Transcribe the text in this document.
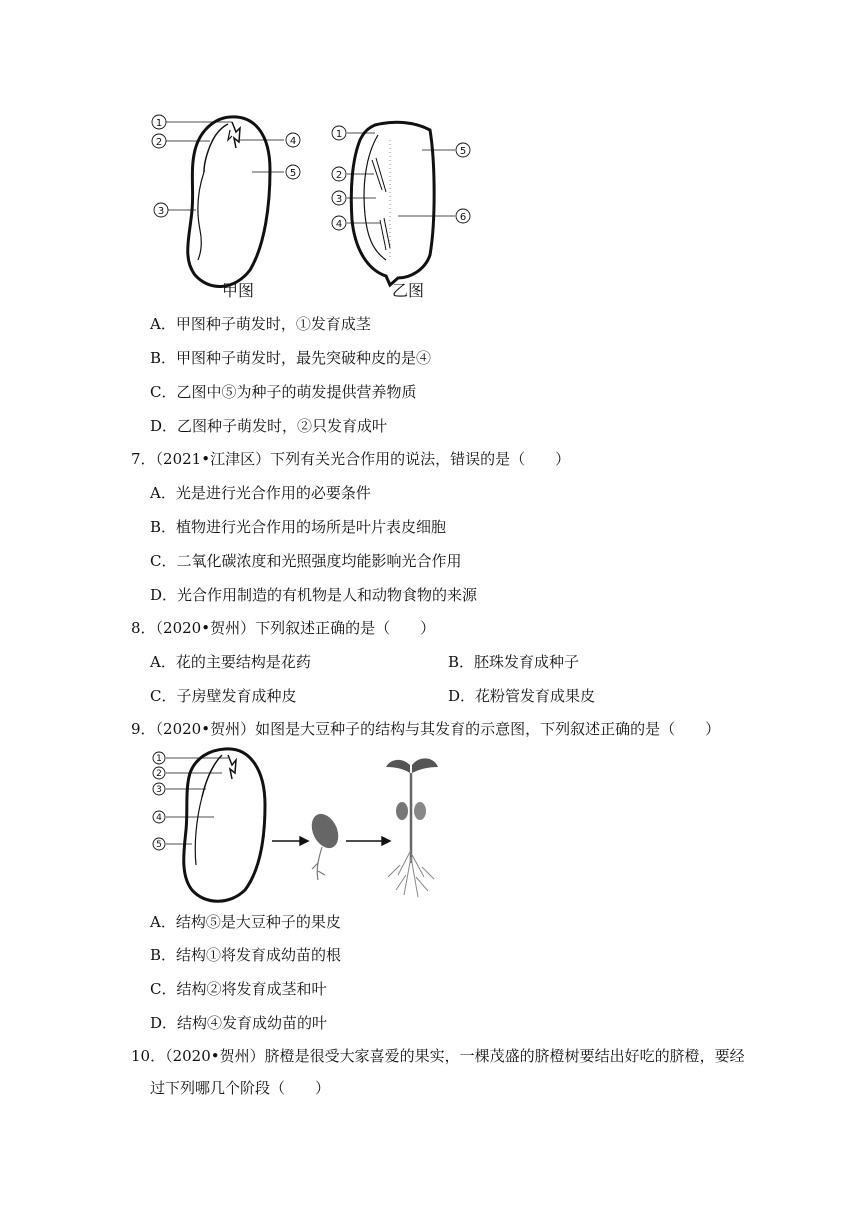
1
2	4
5
3
1
5
2
3
6
4
甲图	乙图
A．甲图种子萌发时，①发育成茎
B．甲图种子萌发时，最先突破种皮的是④
C．乙图中⑤为种子的萌发提供营养物质
D．乙图种子萌发时，②只发育成叶
7．（2021•江津区）下列有关光合作用的说法，错误的是（　　）
A．光是进行光合作用的必要条件
B．植物进行光合作用的场所是叶片表皮细胞
C．二氧化碳浓度和光照强度均能影响光合作用
D．光合作用制造的有机物是人和动物食物的来源
8．（2020•贺州）下列叙述正确的是（　　）
A．花的主要结构是花药	B．胚珠发育成种子
C．子房壁发育成种皮	D．花粉管发育成果皮
9．（2020•贺州）如图是大豆种子的结构与其发育的示意图，下列叙述正确的是（　　）
1
2
3
4
5
A．结构⑤是大豆种子的果皮
B．结构①将发育成幼苗的根
C．结构②将发育成茎和叶
D．结构④发育成幼苗的叶
10．（2020•贺州）脐橙是很受大家喜爱的果实，一棵茂盛的脐橙树要结出好吃的脐橙，要经
过下列哪几个阶段（　　）
